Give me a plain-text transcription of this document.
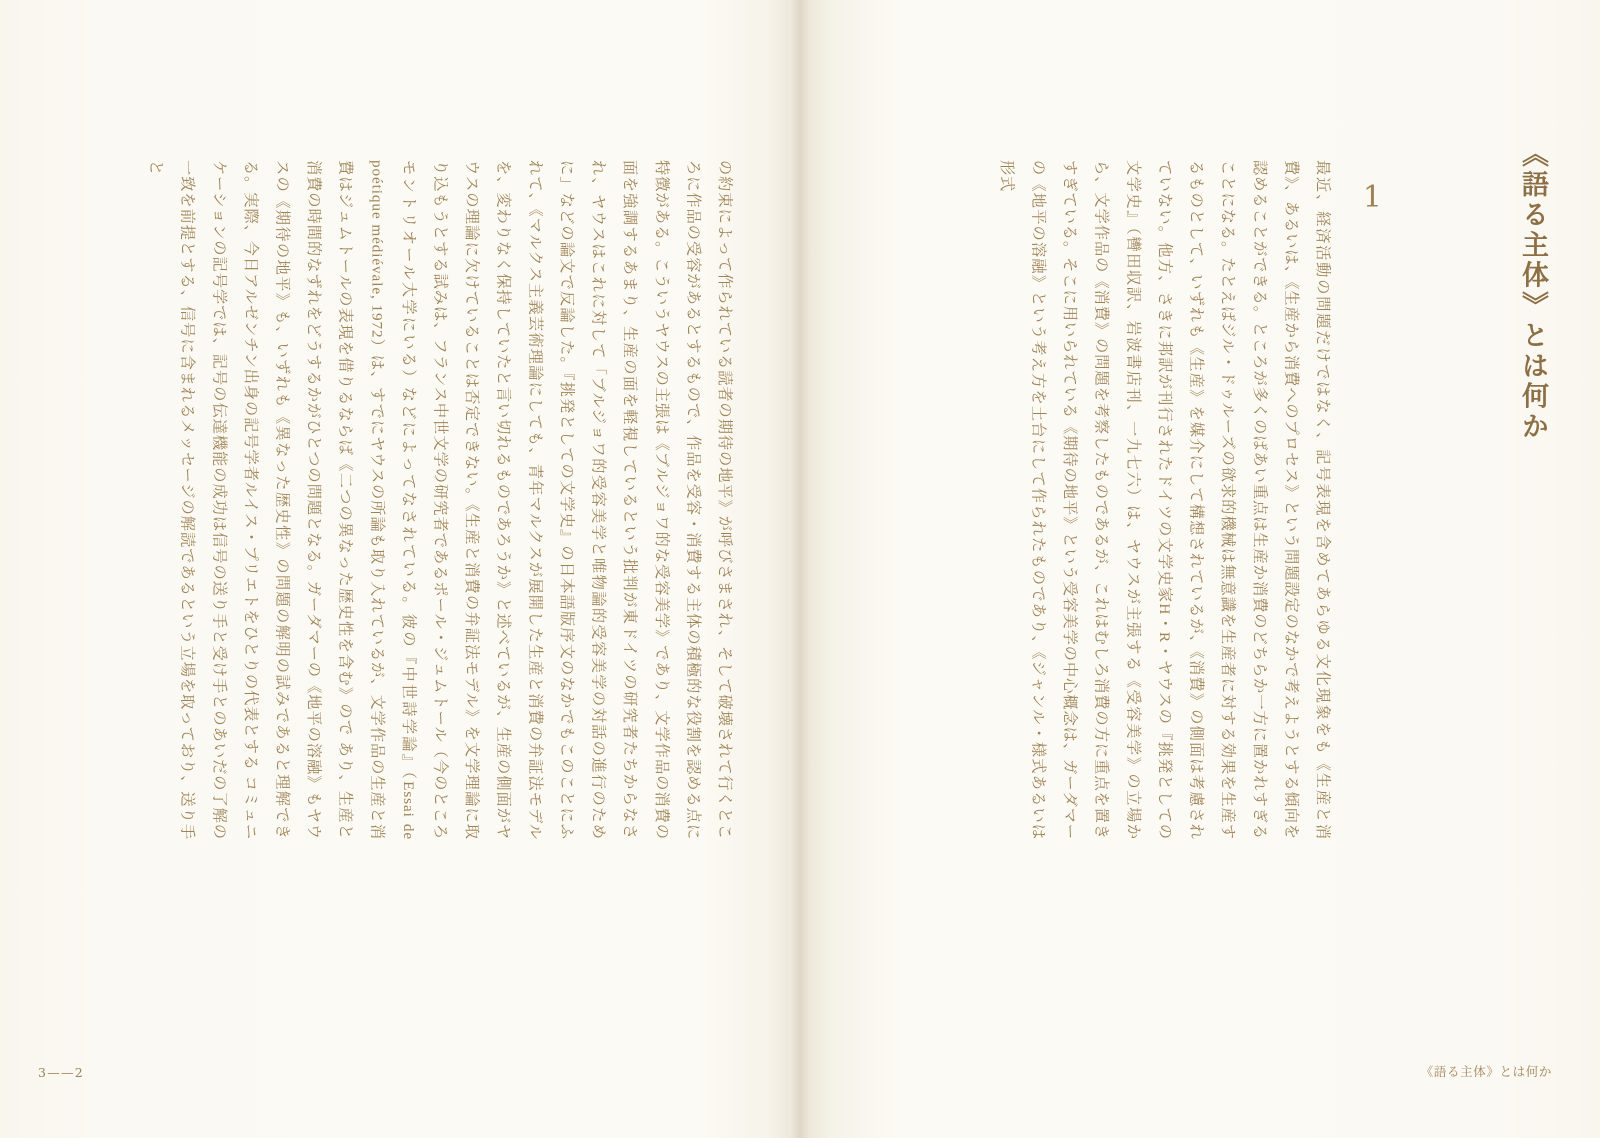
の約束によって作られている読者の期待の地平》が呼びさまされ、そして破壊されて行くところに作品の受容があるとするもので、作品を受容・消費する主体の積極的な役割を認める点に特徴がある。こういうヤウスの主張は《ブルジョワ的な受容美学》であり、文学作品の消費の面を強調するあまり、生産の面を軽視しているという批判が東ドイツの研究者たちからなされ、ヤウスはこれに対して「ブルジョワ的受容美学と唯物論的受容美学の対話の進行のために」などの論文で反論した。『挑発としての文学史』の日本語版序文のなかでもこのことにふれて、《マルクス主義芸術理論にしても、青年マルクスが展開した生産と消費の弁証法モデルを、変わりなく保持していたと言い切れるものであろうか》と述べているが、生産の側面がヤウスの理論に欠けていることは否定できない。《生産と消費の弁証法モデル》を文学理論に取り込もうとする試みは、フランス中世文学の研究者であるポール・ジュムトール（今のところモントリオール大学にいる）などによってなされている。彼の『中世詩学論』（Essai de poétique médiévale, 1972）は、すでにヤウスの所論も取り入れているが、文学作品の生産と消費はジュムトールの表現を借りるならば《二つの異なった歴史性を含む》ので あり、生産と消費の時間的なずれをどうするかがひとつの問題となる。ガーダマーの《地平の溶融》もヤウスの《期待の地平》も、いずれも《異なった歴史性》の問題の解明の試みであると理解できる。実際、今日アルゼンチン出身の記号学者ルイス・プリエトをひとりの代表とする コミュニケーションの記号学では、記号の伝達機能の成功は信号の送り手と受け手とのあいだの了解の一致を前提とする、信号に含まれるメッセージの解読であるという立場を取っており、送り手と
3——2
《語る主体》とは何か
1
最近、経済活動の問題だけではなく、記号表現を含めてあらゆる文化現象をも《生産と消費》、あるいは、《生産から消費へのプロセス》という問題設定のなかで考えようとする傾向を認めることができる。ところが多くのばあい重点は生産か消費のどちらか一方に置かれすぎることになる。たとえばジル・ドゥルーズの欲求的機械は無意識を生産者に対する効果を生産するものとして、いずれも《生産》を媒介にして構想されているが、《消費》の側面は考慮されていない。他方、さきに邦訳が刊行されたドイツの文学史家H・R・ヤウスの『挑発としての文学史』（轡田収訳、岩波書店刊、一九七六）は、ヤウスが主張する《受容美学》の立場から、文学作品の《消費》の問題を考察したものであるが、これはむしろ消費の方に重点を置きすぎている。そこに用いられている《期待の地平》という受容美学の中心概念は、ガーダマーの《地平の溶融》という考え方を土台にして作られたものであり、《ジャンル・様式あるいは形式
《語る主体》とは何か
